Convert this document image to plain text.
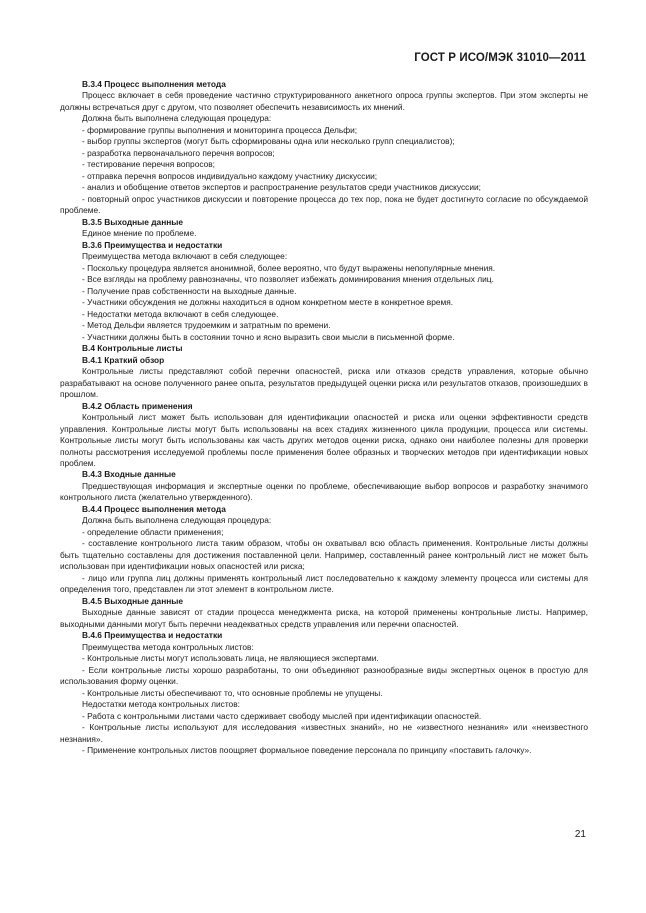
ГОСТ Р ИСО/МЭК 31010—2011

B.3.4 Процесс выполнения метода

Процесс включает в себя проведение частично структурированного анкетного опроса группы экспертов. При этом эксперты не должны встречаться друг с другом, что позволяет обеспечить независимость их мнений.

Должна быть выполнена следующая процедура:

- формирование группы выполнения и мониторинга процесса Дельфи;

- выбор группы экспертов (могут быть сформированы одна или несколько групп специалистов);

- разработка первоначального перечня вопросов;

- тестирование перечня вопросов;

- отправка перечня вопросов индивидуально каждому участнику дискуссии;

- анализ и обобщение ответов экспертов и распространение результатов среди участников дискуссии;

- повторный опрос участников дискуссии и повторение процесса до тех пор, пока не будет достигнуто согласие по обсуждаемой проблеме.

B.3.5 Выходные данные

Единое мнение по проблеме.

B.3.6 Преимущества и недостатки

Преимущества метода включают в себя следующее:

- Поскольку процедура является анонимной, более вероятно, что будут выражены непопулярные мнения.

- Все взгляды на проблему равнозначны, что позволяет избежать доминирования мнения отдельных лиц.

- Получение прав собственности на выходные данные.

- Участники обсуждения не должны находиться в одном конкретном месте в конкретное время.

- Недостатки метода включают в себя следующее.

- Метод Дельфи является трудоемким и затратным по времени.

- Участники должны быть в состоянии точно и ясно выразить свои мысли в письменной форме.

B.4 Контрольные листы

B.4.1 Краткий обзор

Контрольные листы представляют собой перечни опасностей, риска или отказов средств управления, которые обычно разрабатывают на основе полученного ранее опыта, результатов предыдущей оценки риска или результатов отказов, произошедших в прошлом.

B.4.2 Область применения

Контрольный лист может быть использован для идентификации опасностей и риска или оценки эффективности средств управления. Контрольные листы могут быть использованы на всех стадиях жизненного цикла продукции, процесса или системы. Контрольные листы могут быть использованы как часть других методов оценки риска, однако они наиболее полезны для проверки полноты рассмотрения исследуемой проблемы после применения более образных и творческих методов при идентификации новых проблем.

B.4.3 Входные данные

Предшествующая информация и экспертные оценки по проблеме, обеспечивающие выбор вопросов и разработку значимого контрольного листа (желательно утвержденного).

B.4.4 Процесс выполнения метода

Должна быть выполнена следующая процедура:

- определение области применения;

- составление контрольного листа таким образом, чтобы он охватывал всю область применения. Контрольные листы должны быть тщательно составлены для достижения поставленной цели. Например, составленный ранее контрольный лист не может быть использован при идентификации новых опасностей или риска;

- лицо или группа лиц должны применять контрольный лист последовательно к каждому элементу процесса или системы для определения того, представлен ли этот элемент в контрольном листе.

B.4.5 Выходные данные

Выходные данные зависят от стадии процесса менеджмента риска, на которой применены контрольные листы. Например, выходными данными могут быть перечни неадекватных средств управления или перечни опасностей.

B.4.6 Преимущества и недостатки

Преимущества метода контрольных листов:

- Контрольные листы могут использовать лица, не являющиеся экспертами.

- Если контрольные листы хорошо разработаны, то они объединяют разнообразные виды экспертных оценок в простую для использования форму оценки.

- Контрольные листы обеспечивают то, что основные проблемы не упущены.

Недостатки метода контрольных листов:

- Работа с контрольными листами часто сдерживает свободу мыслей при идентификации опасностей.

- Контрольные листы используют для исследования «известных знаний», но не «известного незнания» или «неизвестного незнания».

- Применение контрольных листов поощряет формальное поведение персонала по принципу «поставить галочку».

21
